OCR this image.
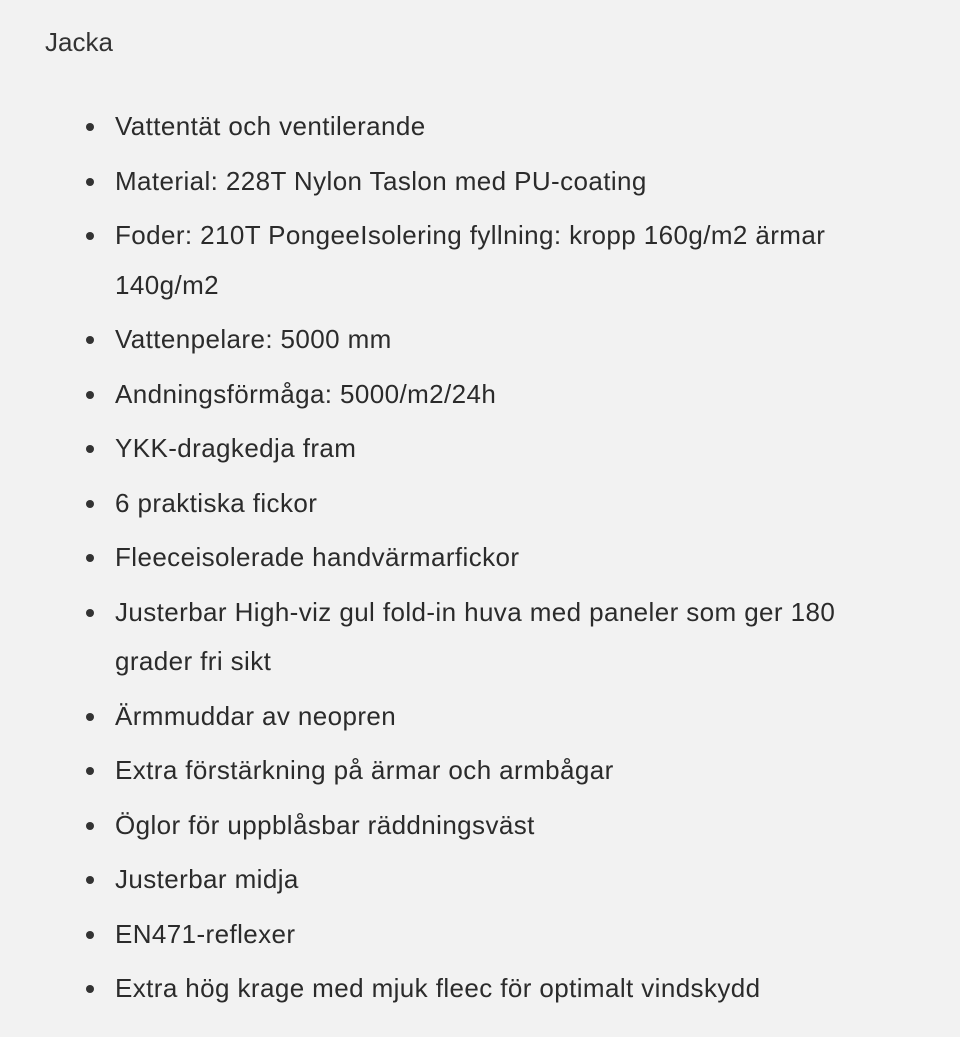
Jacka
Vattentät och ventilerande
Material: 228T Nylon Taslon med PU-coating
Foder: 210T PongeeIsolering fyllning: kropp 160g/m2 ärmar 140g/m2
Vattenpelare: 5000 mm
Andningsförmåga: 5000/m2/24h
YKK-dragkedja fram
6 praktiska fickor
Fleeceisolerade handvärmarfickor
Justerbar High-viz gul fold-in huva med paneler som ger 180 grader fri sikt
Ärmmuddar av neopren
Extra förstärkning på ärmar och armbågar
Öglor för uppblåsbar räddningsväst
Justerbar midja
EN471-reflexer
Extra hög krage med mjuk fleec för optimalt vindskydd
